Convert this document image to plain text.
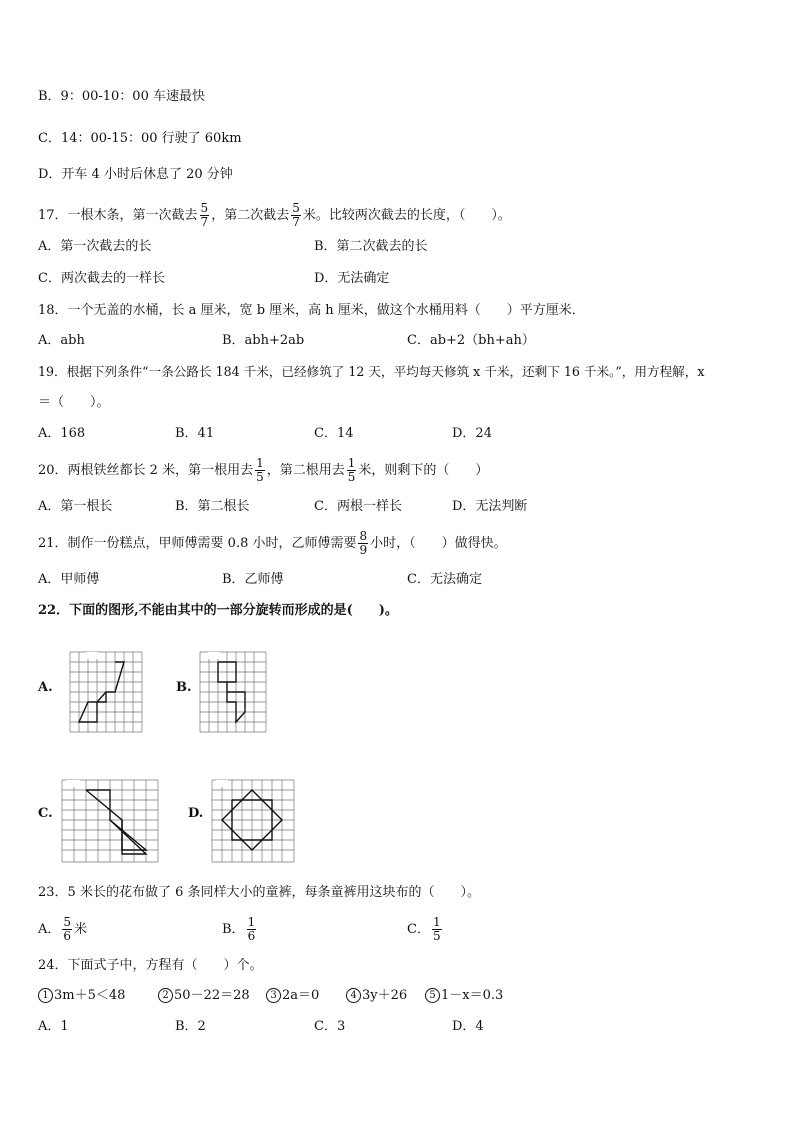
B．9：00-10：00 车速最快
C．14：00-15：00 行驶了 60km
D．开车 4 小时后休息了 20 分钟
17．一根木条，第一次截去 $\frac{5}{7}$ ，第二次截去 $\frac{5}{7}$ 米。比较两次截去的长度，（　　）。
A．第一次截去的长	B．第二次截去的长
C．两次截去的一样长	D．无法确定
18．一个无盖的水桶，长 a 厘米，宽 b 厘米，高 h 厘米，做这个水桶用料（　　）平方厘米．
A．abh	B．abh+2ab	C．ab+2（bh+ah）
19．根据下列条件“一条公路长 184 千米，已经修筑了 12 天，平均每天修筑 x 千米，还剩下 16 千米。”，用方程解，x
＝（　　）。
A．168	B．41	C．14	D．24
20．两根铁丝都长 2 米，第一根用去 $\frac{1}{5}$ ，第二根用去 $\frac{1}{5}$ 米，则剩下的（　　）
A．第一根长	B．第二根长	C．两根一样长	D．无法判断
21．制作一份糕点，甲师傅需要 0.8 小时，乙师傅需要 $\frac{8}{9}$ 小时，（　　）做得快。
A．甲师傅	B．乙师傅	C．无法确定
22．下面的图形,不能由其中的一部分旋转而形成的是(　　)。
A.	B.
C.	D.
23．5 米长的花布做了 6 条同样大小的童裤，每条童裤用这块布的（　　）。
A． $\frac{5}{6}$ 米	B． $\frac{1}{6}$	C． $\frac{1}{5}$
24．下面式子中，方程有（　　）个。
1 3m＋5＜48	2 50－22＝28	3 2a＝0	4 3y＋26	5 1－x＝0.3
A．1	B．2	C．3	D．4
